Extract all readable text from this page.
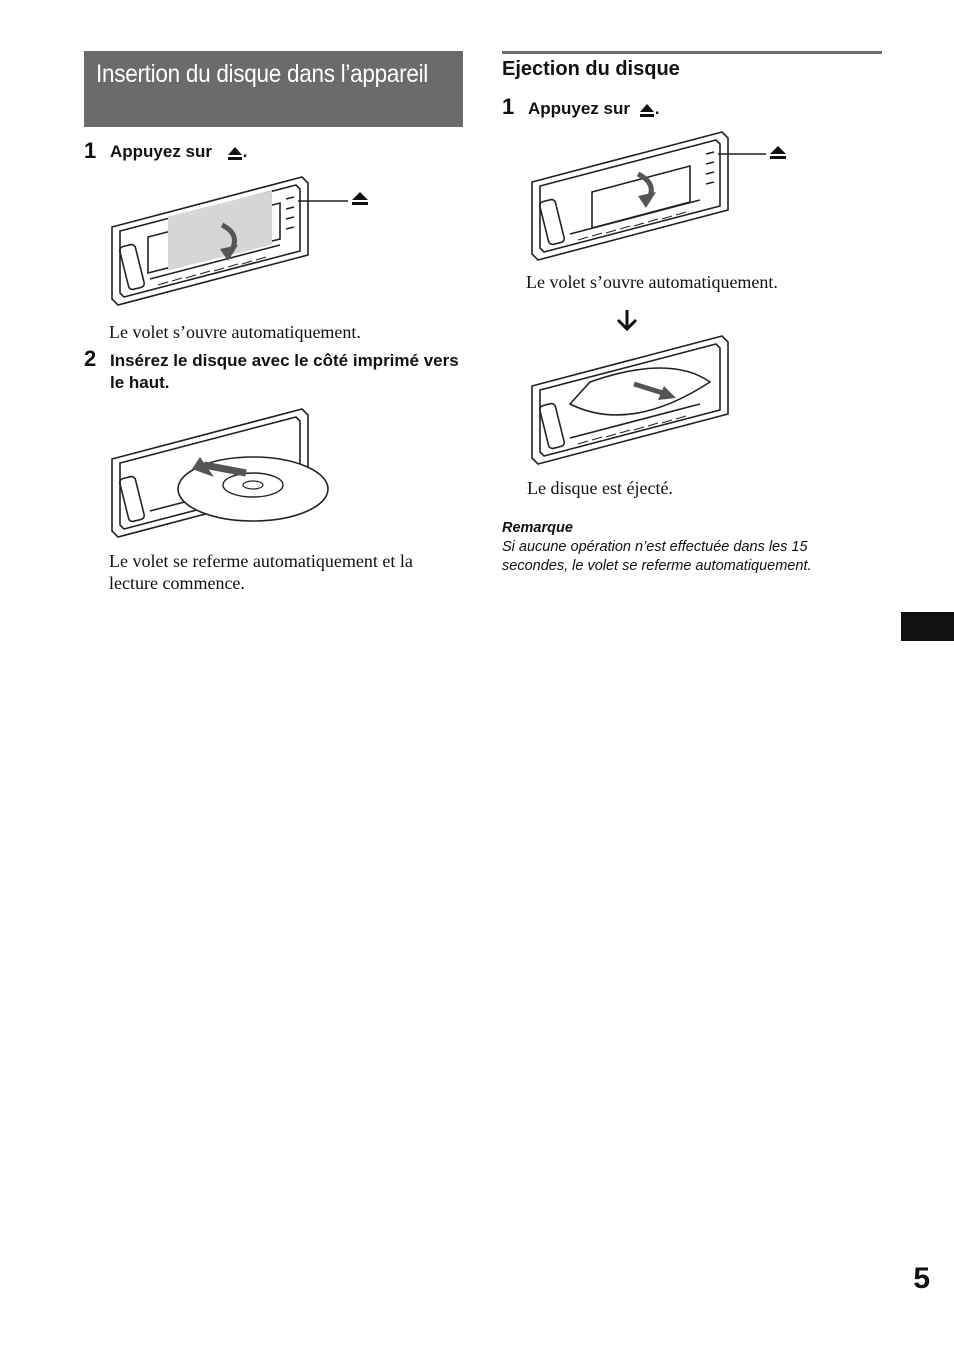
Insertion du disque dans l’appareil
1 Appuyez sur .
Le volet s’ouvre automatiquement.
2 Insérez le disque avec le côté imprimé vers le haut.
Le volet se referme automatiquement et la lecture commence.
Ejection du disque
1 Appuyez sur .
Le volet s’ouvre automatiquement.
Le disque est éjecté.
Remarque
Si aucune opération n’est effectuée dans les 15 secondes, le volet se referme automatiquement.
5
